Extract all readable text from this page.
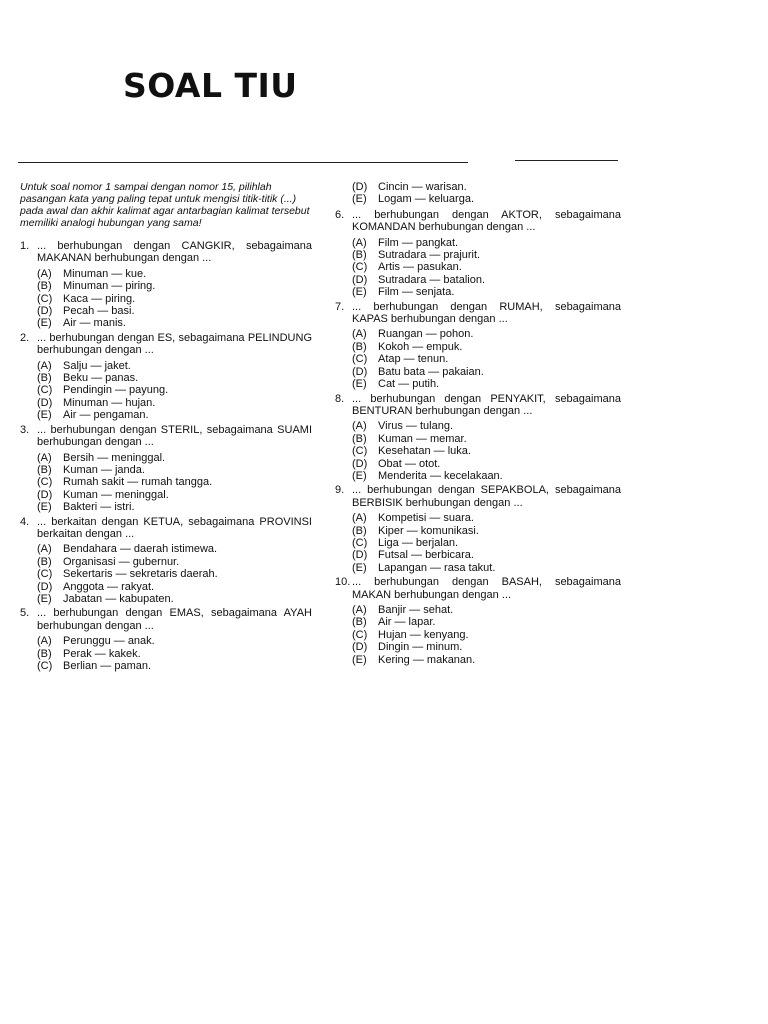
SOAL TIU
Untuk soal nomor 1 sampai dengan nomor 15, pilihlah pasangan kata yang paling tepat untuk mengisi titik-titik (...) pada awal dan akhir kalimat agar antarbagian kalimat tersebut memiliki analogi hubungan yang sama!
1. ... berhubungan dengan CANGKIR, sebagaimana MAKANAN berhubungan dengan ...
(A)	Minuman — kue.
(B)	Minuman — piring.
(C) Kaca — piring.
(D) Pecah — basi.
(E)	Air — manis.
2. ... berhubungan dengan ES, sebagaimana PELINDUNG berhubungan dengan ...
(A)	Salju — jaket.
(B)	Beku — panas.
(C) Pendingin — payung.
(D) Minuman — hujan.
(E)	Air — pengaman.
3. ... berhubungan dengan STERIL, sebagaimana SUAMI berhubungan dengan ...
(A)	Bersih — meninggal.
(B)	Kuman — janda.
(C) Rumah sakit — rumah tangga.
(D) Kuman — meninggal.
(E)	Bakteri — istri.
4. ... berkaitan dengan KETUA, sebagaimana PROVINSI berkaitan dengan ...
(A)	Bendahara — daerah istimewa.
(B)	Organisasi — gubernur.
(C) Sekertaris — sekretaris daerah.
(D) Anggota — rakyat.
(E)	Jabatan — kabupaten.
5. ... berhubungan dengan EMAS, sebagaimana AYAH berhubungan dengan ...
(A)	Perunggu — anak.
(B)	Perak — kakek.
(C) Berlian — paman.
(D) Cincin — warisan.
(E)	Logam — keluarga.
6. ... berhubungan dengan AKTOR, sebagaimana KOMANDAN berhubungan dengan ...
(A)	Film — pangkat.
(B)	Sutradara — prajurit.
(C) Artis — pasukan.
(D) Sutradara — batalion.
(E)	Film — senjata.
7. ... berhubungan dengan RUMAH, sebagaimana KAPAS berhubungan dengan ...
(A)	Ruangan — pohon.
(B)	Kokoh — empuk.
(C) Atap — tenun.
(D) Batu bata — pakaian.
(E)	Cat — putih.
8. ... berhubungan dengan PENYAKIT, sebagaimana BENTURAN berhubungan dengan ...
(A)	Virus — tulang.
(B)	Kuman — memar.
(C) Kesehatan — luka.
(D) Obat — otot.
(E)	Menderita — kecelakaan.
9. ... berhubungan dengan SEPAKBOLA, sebagaimana BERBISIK berhubungan dengan ...
(A)	Kompetisi — suara.
(B)	Kiper — komunikasi.
(C) Liga — berjalan.
(D) Futsal — berbicara.
(E)	Lapangan — rasa takut.
10. ... berhubungan dengan BASAH, sebagaimana MAKAN berhubungan dengan ...
(A)	Banjir — sehat.
(B)	Air — lapar.
(C) Hujan — kenyang.
(D) Dingin — minum.
(E)	Kering — makanan.
